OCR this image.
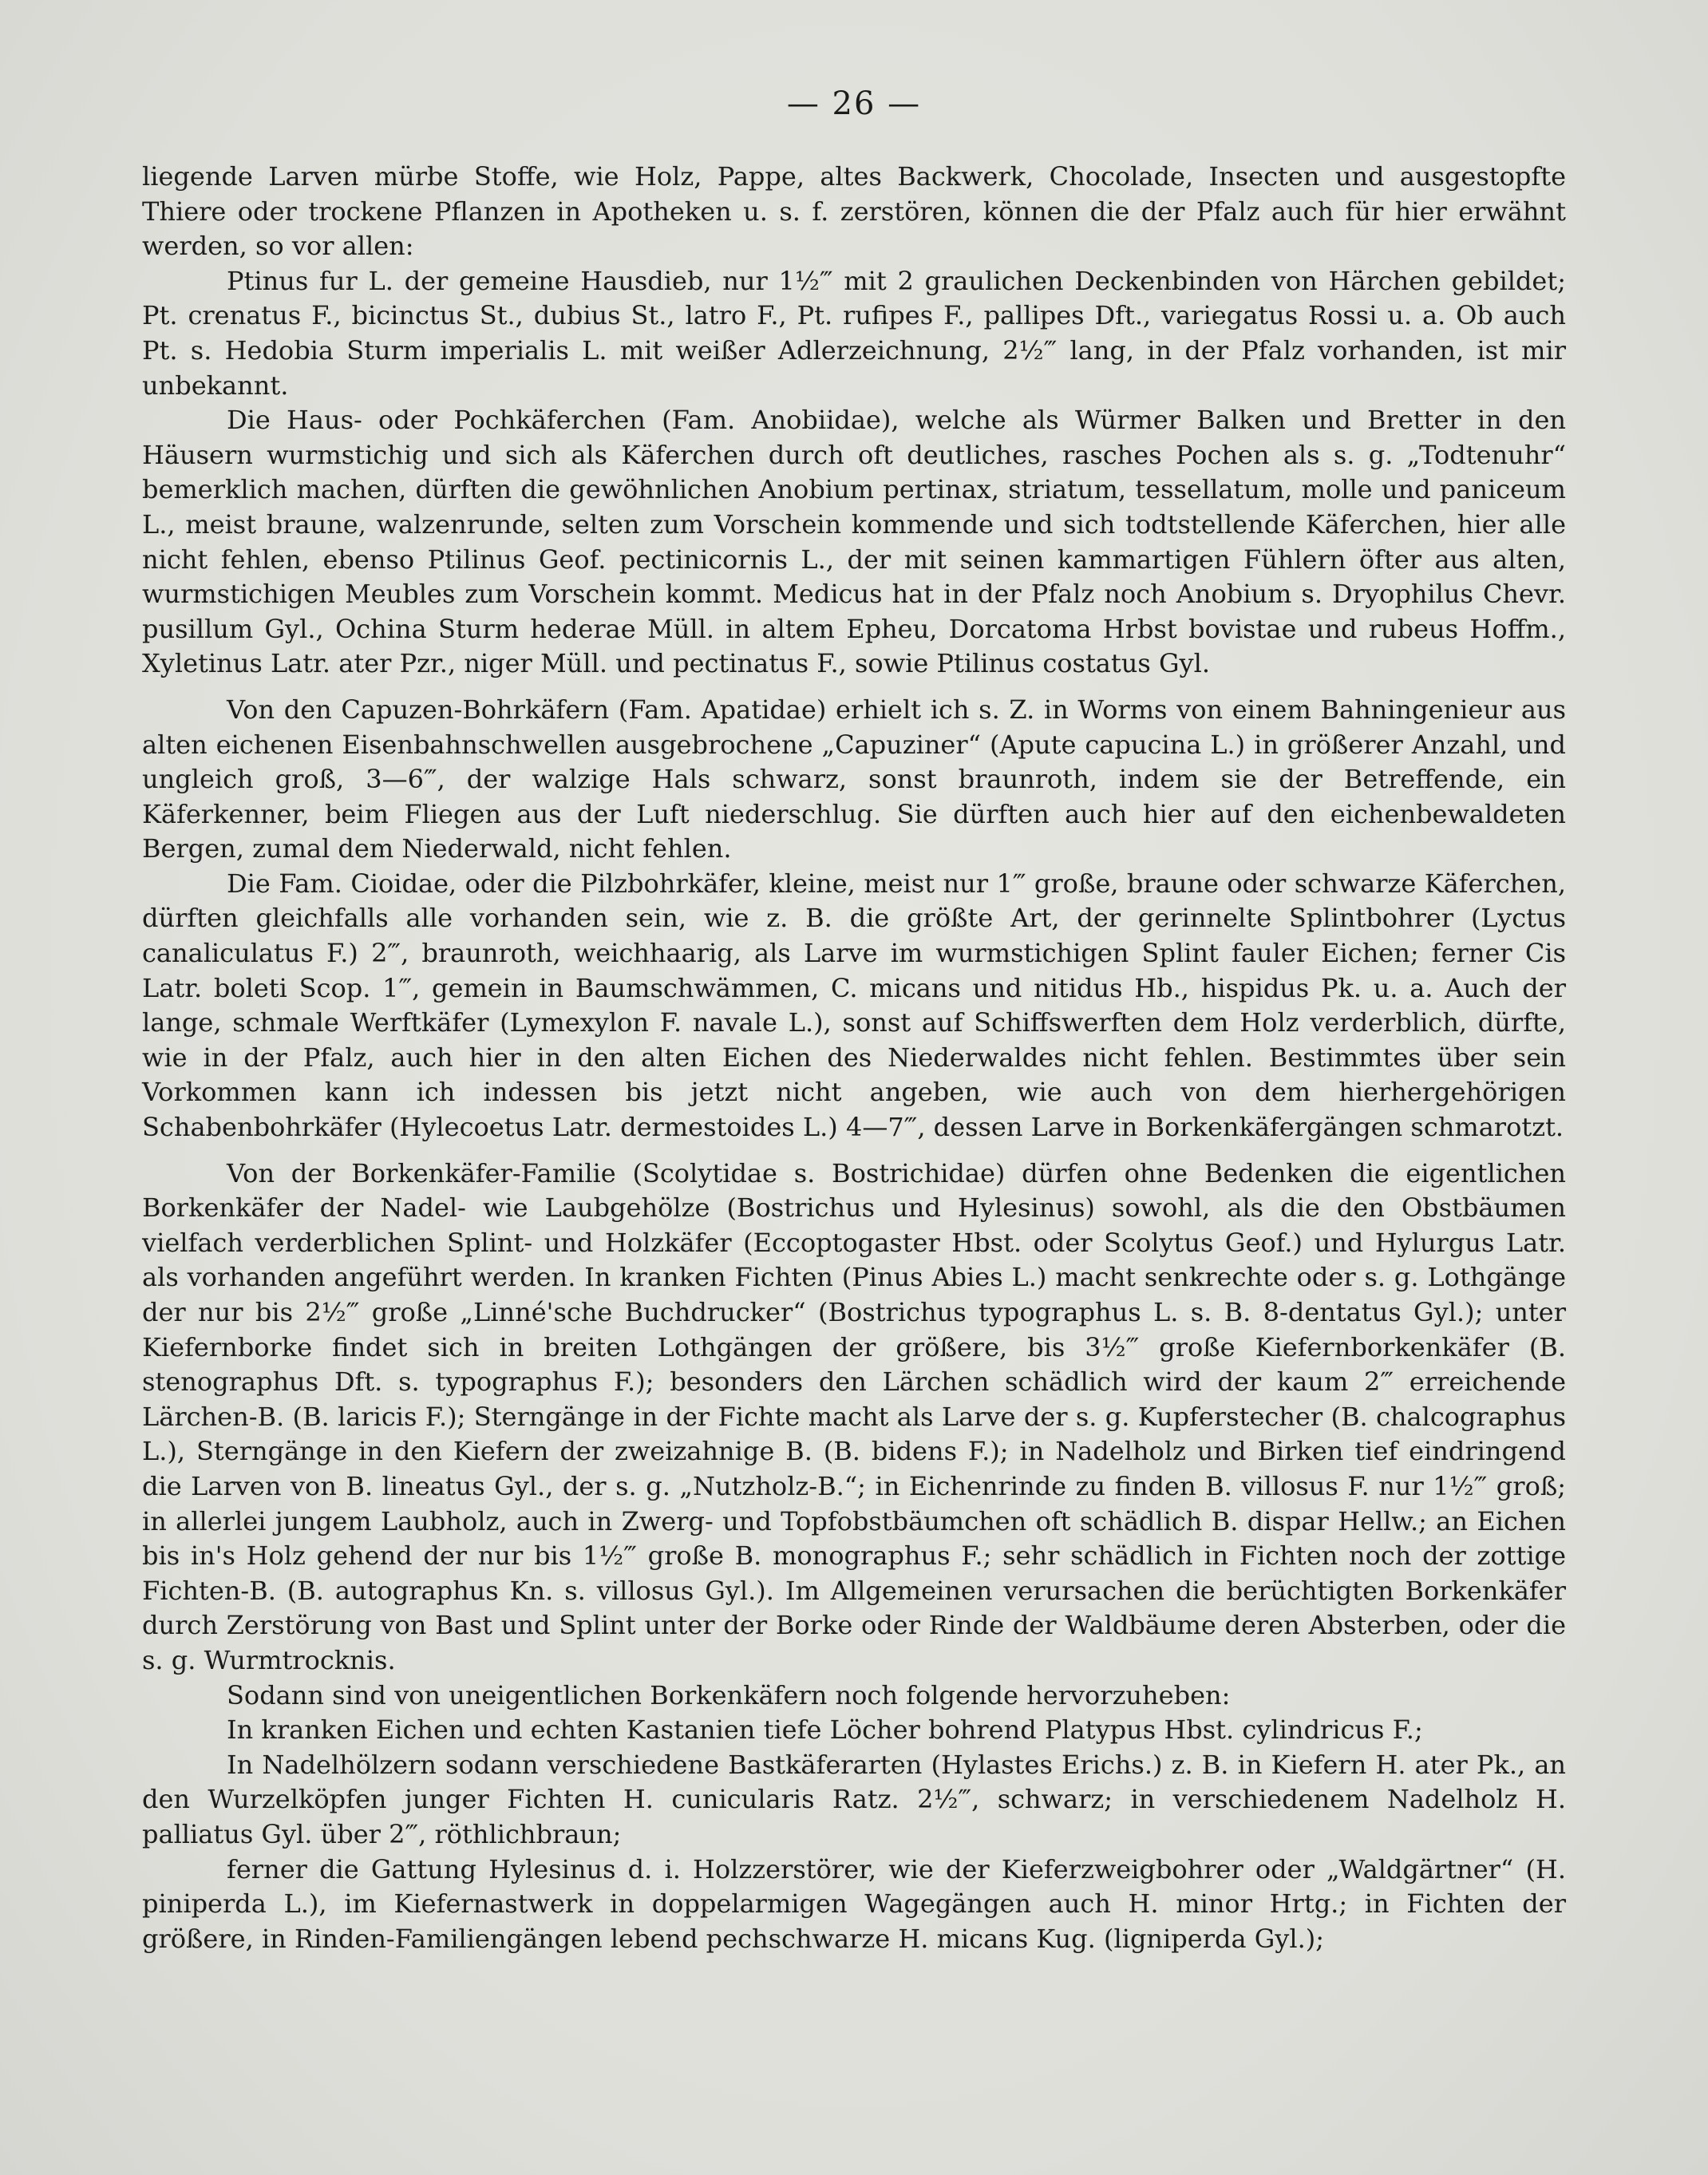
— 26 —

liegende Larven mürbe Stoffe, wie Holz, Pappe, altes Backwerk, Chocolade, Insecten und ausgestopfte Thiere oder trockene Pflanzen in Apotheken u. s. f. zerstören, können die der Pfalz auch für hier erwähnt werden, so vor allen:

Ptinus fur L. der gemeine Hausdieb, nur 1½‴ mit 2 graulichen Deckenbinden von Härchen gebildet; Pt. crenatus F., bicinctus St., dubius St., latro F., Pt. rufipes F., pallipes Dft., variegatus Rossi u. a. Ob auch Pt. s. Hedobia Sturm imperialis L. mit weißer Adlerzeichnung, 2½‴ lang, in der Pfalz vorhanden, ist mir unbekannt.

Die Haus- oder Pochkäferchen (Fam. Anobiidae), welche als Würmer Balken und Bretter in den Häusern wurmstichig und sich als Käferchen durch oft deutliches, rasches Pochen als s. g. „Todtenuhr“ bemerklich machen, dürften die gewöhnlichen Anobium pertinax, striatum, tessellatum, molle und paniceum L., meist braune, walzenrunde, selten zum Vorschein kommende und sich todtstellende Käferchen, hier alle nicht fehlen, ebenso Ptilinus Geof. pectinicornis L., der mit seinen kammartigen Fühlern öfter aus alten, wurmstichigen Meubles zum Vorschein kommt. Medicus hat in der Pfalz noch Anobium s. Dryophilus Chevr. pusillum Gyl., Ochina Sturm hederae Müll. in altem Epheu, Dorcatoma Hrbst bovistae und rubeus Hoffm., Xyletinus Latr. ater Pzr., niger Müll. und pectinatus F., sowie Ptilinus costatus Gyl.

Von den Capuzen-Bohrkäfern (Fam. Apatidae) erhielt ich s. Z. in Worms von einem Bahningenieur aus alten eichenen Eisenbahnschwellen ausgebrochene „Capuziner“ (Apute capucina L.) in größerer Anzahl, und ungleich groß, 3—6‴, der walzige Hals schwarz, sonst braunroth, indem sie der Betreffende, ein Käferkenner, beim Fliegen aus der Luft niederschlug. Sie dürften auch hier auf den eichenbewaldeten Bergen, zumal dem Niederwald, nicht fehlen.

Die Fam. Cioidae, oder die Pilzbohrkäfer, kleine, meist nur 1‴ große, braune oder schwarze Käferchen, dürften gleichfalls alle vorhanden sein, wie z. B. die größte Art, der gerinnelte Splintbohrer (Lyctus canaliculatus F.) 2‴, braunroth, weichhaarig, als Larve im wurmstichigen Splint fauler Eichen; ferner Cis Latr. boleti Scop. 1‴, gemein in Baumschwämmen, C. micans und nitidus Hb., hispidus Pk. u. a. Auch der lange, schmale Werftkäfer (Lymexylon F. navale L.), sonst auf Schiffswerften dem Holz verderblich, dürfte, wie in der Pfalz, auch hier in den alten Eichen des Niederwaldes nicht fehlen. Bestimmtes über sein Vorkommen kann ich indessen bis jetzt nicht angeben, wie auch von dem hierhergehörigen Schabenbohrkäfer (Hylecoetus Latr. dermestoides L.) 4—7‴, dessen Larve in Borkenkäfergängen schmarotzt.

Von der Borkenkäfer-Familie (Scolytidae s. Bostrichidae) dürfen ohne Bedenken die eigentlichen Borkenkäfer der Nadel- wie Laubgehölze (Bostrichus und Hylesinus) sowohl, als die den Obstbäumen vielfach verderblichen Splint- und Holzkäfer (Eccoptogaster Hbst. oder Scolytus Geof.) und Hylurgus Latr. als vorhanden angeführt werden. In kranken Fichten (Pinus Abies L.) macht senkrechte oder s. g. Lothgänge der nur bis 2½‴ große „Linné'sche Buchdrucker“ (Bostrichus typographus L. s. B. 8-dentatus Gyl.); unter Kiefernborke findet sich in breiten Lothgängen der größere, bis 3½‴ große Kiefernborkenkäfer (B. stenographus Dft. s. typographus F.); besonders den Lärchen schädlich wird der kaum 2‴ erreichende Lärchen-B. (B. laricis F.); Sterngänge in der Fichte macht als Larve der s. g. Kupferstecher (B. chalcographus L.), Sterngänge in den Kiefern der zweizahnige B. (B. bidens F.); in Nadelholz und Birken tief eindringend die Larven von B. lineatus Gyl., der s. g. „Nutzholz-B.“; in Eichenrinde zu finden B. villosus F. nur 1½‴ groß; in allerlei jungem Laubholz, auch in Zwerg- und Topfobstbäumchen oft schädlich B. dispar Hellw.; an Eichen bis in's Holz gehend der nur bis 1½‴ große B. monographus F.; sehr schädlich in Fichten noch der zottige Fichten-B. (B. autographus Kn. s. villosus Gyl.). Im Allgemeinen verursachen die berüchtigten Borkenkäfer durch Zerstörung von Bast und Splint unter der Borke oder Rinde der Waldbäume deren Absterben, oder die s. g. Wurmtrocknis.

Sodann sind von uneigentlichen Borkenkäfern noch folgende hervorzuheben:

In kranken Eichen und echten Kastanien tiefe Löcher bohrend Platypus Hbst. cylindricus F.;

In Nadelhölzern sodann verschiedene Bastkäferarten (Hylastes Erichs.) z. B. in Kiefern H. ater Pk., an den Wurzelköpfen junger Fichten H. cunicularis Ratz. 2½‴, schwarz; in verschiedenem Nadelholz H. palliatus Gyl. über 2‴, röthlichbraun;

ferner die Gattung Hylesinus d. i. Holzzerstörer, wie der Kieferzweigbohrer oder „Waldgärtner“ (H. piniperda L.), im Kiefernastwerk in doppelarmigen Wagegängen auch H. minor Hrtg.; in Fichten der größere, in Rinden-Familiengängen lebend pechschwarze H. micans Kug. (ligniperda Gyl.);
